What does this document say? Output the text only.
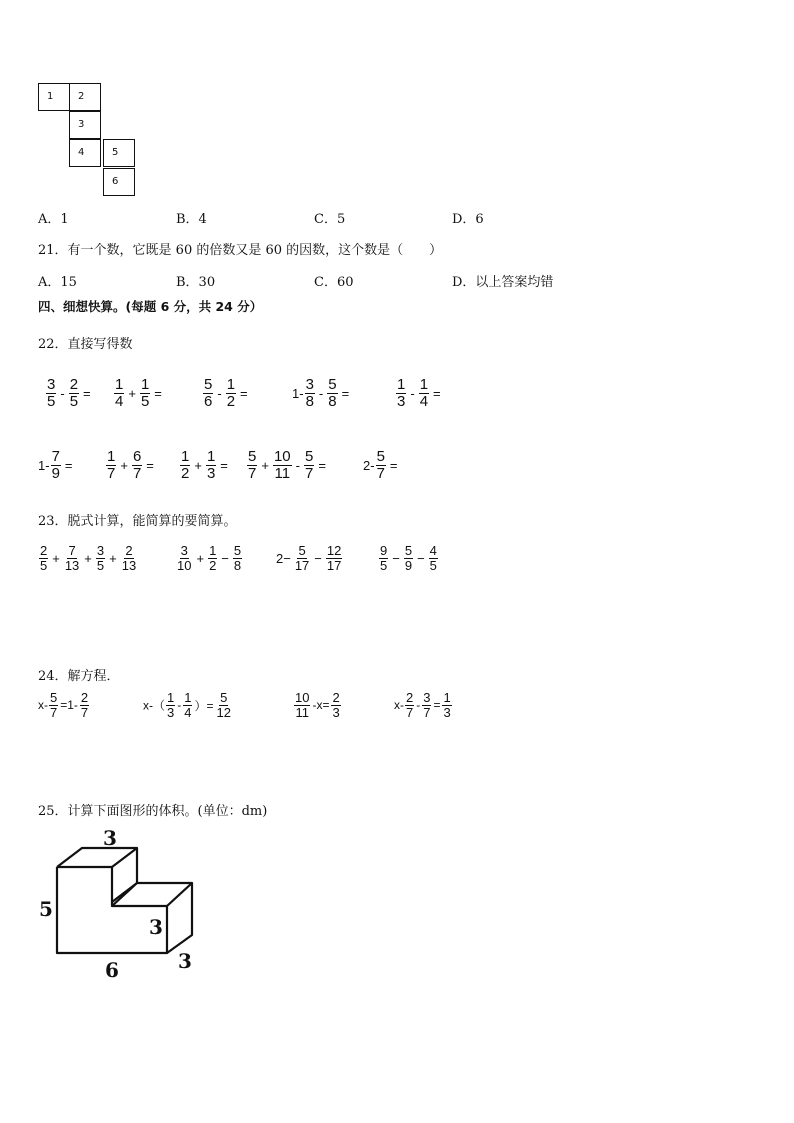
1	2
3
4	5
6
A．1	B．4	C．5	D．6
21．有一个数，它既是 60 的倍数又是 60 的因数，这个数是（　　）
A．15	B．30	C．60	D．以上答案均错
四、细想快算。(每题 6 分，共 24 分）
22．直接写得数
$\frac{3}{5} - \frac{2}{5} = \frac{1}{4} + \frac{1}{5}$ =	$\frac{5}{6} - \frac{1}{2}$ =	$1- \frac{3}{8} - \frac{5}{8}$ =	$\frac{1}{3} - \frac{1}{4}$ =
$1- \frac{7}{9} = \frac{1}{7} + \frac{6}{7} = \frac{1}{2} + \frac{1}{3} = \frac{5}{7} + \frac{10}{11} - \frac{5}{7}$ =	$2- \frac{5}{7}$ =
23．脱式计算，能简算的要简算。
$\frac{2}{5} + \frac{7}{13} + \frac{3}{5} + \frac{2}{13}$	$\frac{3}{10} + \frac{1}{2} - \frac{5}{8}$	$2- \frac{5}{17} - \frac{12}{17}$	$\frac{9}{5} - \frac{5}{9} - \frac{4}{5}$
24．解方程．
$x- \frac{5}{7} =1- \frac{2}{7}$	$x-( \frac{1}{3} - \frac{1}{4}$ ）= $\frac{5}{12}$	$\frac{10}{11} -x= \frac{2}{3}$	$x- \frac{2}{7} - \frac{3}{7} = \frac{1}{3}$
25．计算下面图形的体积。(单位：dm)
3
5
3
6	3
